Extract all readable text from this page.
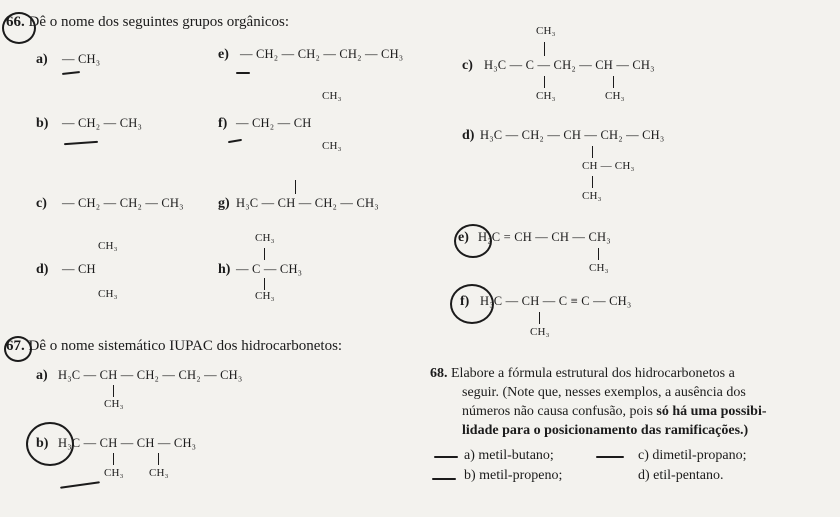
66. Dê o nome dos seguintes grupos orgânicos:
a) — CH₃
b) — CH₂ — CH₃
c) — CH₂ — CH₂ — CH₃
d) — CH
CH₃
CH₃
e) — CH₂ — CH₂ — CH₂ — CH₃
f) — CH₂ — CH
CH₃
CH₃
g) H₃C — CH — CH₂ — CH₃
h) — C — CH₃
CH₃
CH₃
67. Dê o nome sistemático IUPAC dos hidrocarbonetos:
a) H₃C — CH — CH₂ — CH₂ — CH₃
CH₃
b) H₃C — CH — CH — CH₃
CH₃ CH₃
c) H₃C — C — CH₂ — CH — CH₃
CH₃
CH₃	CH₃
d) H₃C — CH₂ — CH — CH₂ — CH₃
CH — CH₃
CH₃
e) H₂C = CH — CH — CH₃
CH₃
f) H₃C — CH — C ≡ C — CH₃
CH₃
68. Elabore a fórmula estrutural dos hidrocarbonetos a
seguir. (Note que, nesses exemplos, a ausência dos
números não causa confusão, pois só há uma possibi-
lidade para o posicionamento das ramificações.)
a) metil-butano;	c) dimetil-propano;
b) metil-propeno;	d) etil-pentano.
